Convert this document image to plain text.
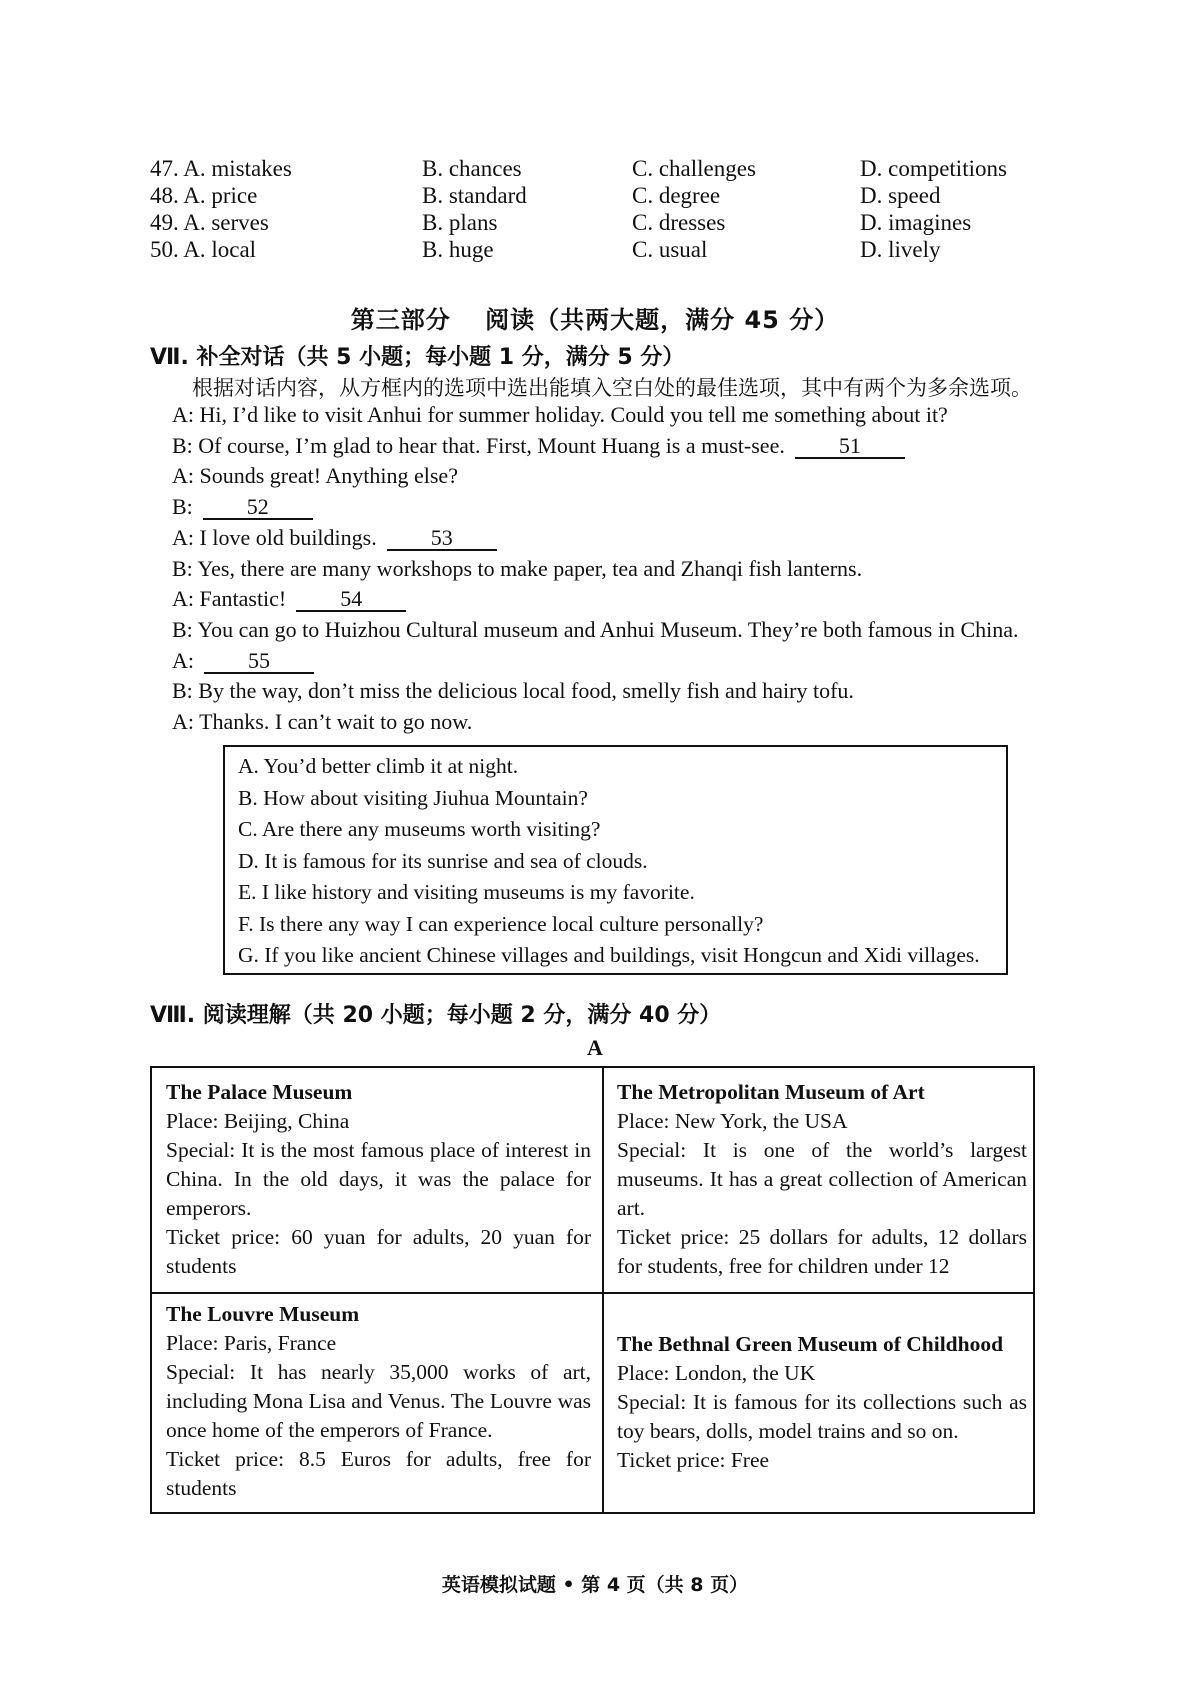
47. A. mistakes	B. chances	C. challenges	D. competitions
48. A. price	B. standard	C. degree	D. speed
49. A. serves	B. plans	C. dresses	D. imagines
50. A. local	B. huge	C. usual	D. lively
第三部分　 阅读（共两大题，满分 45 分）
Ⅶ. 补全对话（共 5 小题；每小题 1 分，满分 5 分）
根据对话内容，从方框内的选项中选出能填入空白处的最佳选项，其中有两个为多余选项。
A: Hi, I’d like to visit Anhui for summer holiday. Could you tell me something about it?
B: Of course, I’m glad to hear that. First, Mount Huang is a must-see. 51
A: Sounds great! Anything else?
B: 52
A: I love old buildings. 53
B: Yes, there are many workshops to make paper, tea and Zhanqi fish lanterns.
A: Fantastic! 54
B: You can go to Huizhou Cultural museum and Anhui Museum. They’re both famous in China.
A: 55
B: By the way, don’t miss the delicious local food, smelly fish and hairy tofu.
A: Thanks. I can’t wait to go now.
A. You’d better climb it at night.
B. How about visiting Jiuhua Mountain?
C. Are there any museums worth visiting?
D. It is famous for its sunrise and sea of clouds.
E. I like history and visiting museums is my favorite.
F. Is there any way I can experience local culture personally?
G. If you like ancient Chinese villages and buildings, visit Hongcun and Xidi villages.
Ⅷ. 阅读理解（共 20 小题；每小题 2 分，满分 40 分）
A
The Palace Museum
Place: Beijing, China
Special: It is the most famous place of interest in China. In the old days, it was the palace for emperors.
Ticket price: 60 yuan for adults, 20 yuan for students
The Metropolitan Museum of Art
Place: New York, the USA
Special: It is one of the world’s largest museums. It has a great collection of American art.
Ticket price: 25 dollars for adults, 12 dollars for students, free for children under 12
The Louvre Museum
Place: Paris, France
Special: It has nearly 35,000 works of art, including Mona Lisa and Venus. The Louvre was once home of the emperors of France.
Ticket price: 8.5 Euros for adults, free for students
The Bethnal Green Museum of Childhood
Place: London, the UK
Special: It is famous for its collections such as toy bears, dolls, model trains and so on.
Ticket price: Free
英语模拟试题 • 第 4 页（共 8 页）
